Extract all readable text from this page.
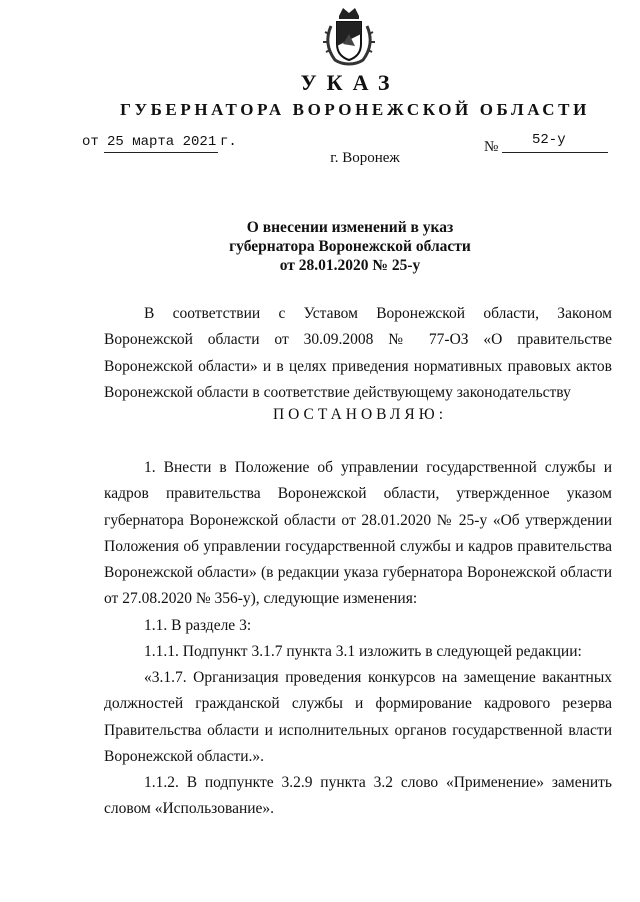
УКАЗ
ГУБЕРНАТОРА ВОРОНЕЖСКОЙ ОБЛАСТИ
от 25 марта 2021 г.	№ 52-у
г. Воронеж
О внесении изменений в указ
губернатора Воронежской области
от 28.01.2020 № 25-у
В соответствии с Уставом Воронежской области, Законом Воронежской области от 30.09.2008 № 77-ОЗ «О правительстве Воронежской области» и в целях приведения нормативных правовых актов Воронежской области в соответствие действующему законодательству
ПОСТАНОВЛЯЮ:
1. Внести в Положение об управлении государственной службы и кадров правительства Воронежской области, утвержденное указом губернатора Воронежской области от 28.01.2020 № 25-у «Об утверждении Положения об управлении государственной службы и кадров правительства Воронежской области» (в редакции указа губернатора Воронежской области от 27.08.2020 № 356-у), следующие изменения:
1.1. В разделе 3:
1.1.1. Подпункт 3.1.7 пункта 3.1 изложить в следующей редакции:
«3.1.7. Организация проведения конкурсов на замещение вакантных должностей гражданской службы и формирование кадрового резерва Правительства области и исполнительных органов государственной власти Воронежской области.».
1.1.2. В подпункте 3.2.9 пункта 3.2 слово «Применение» заменить словом «Использование».
